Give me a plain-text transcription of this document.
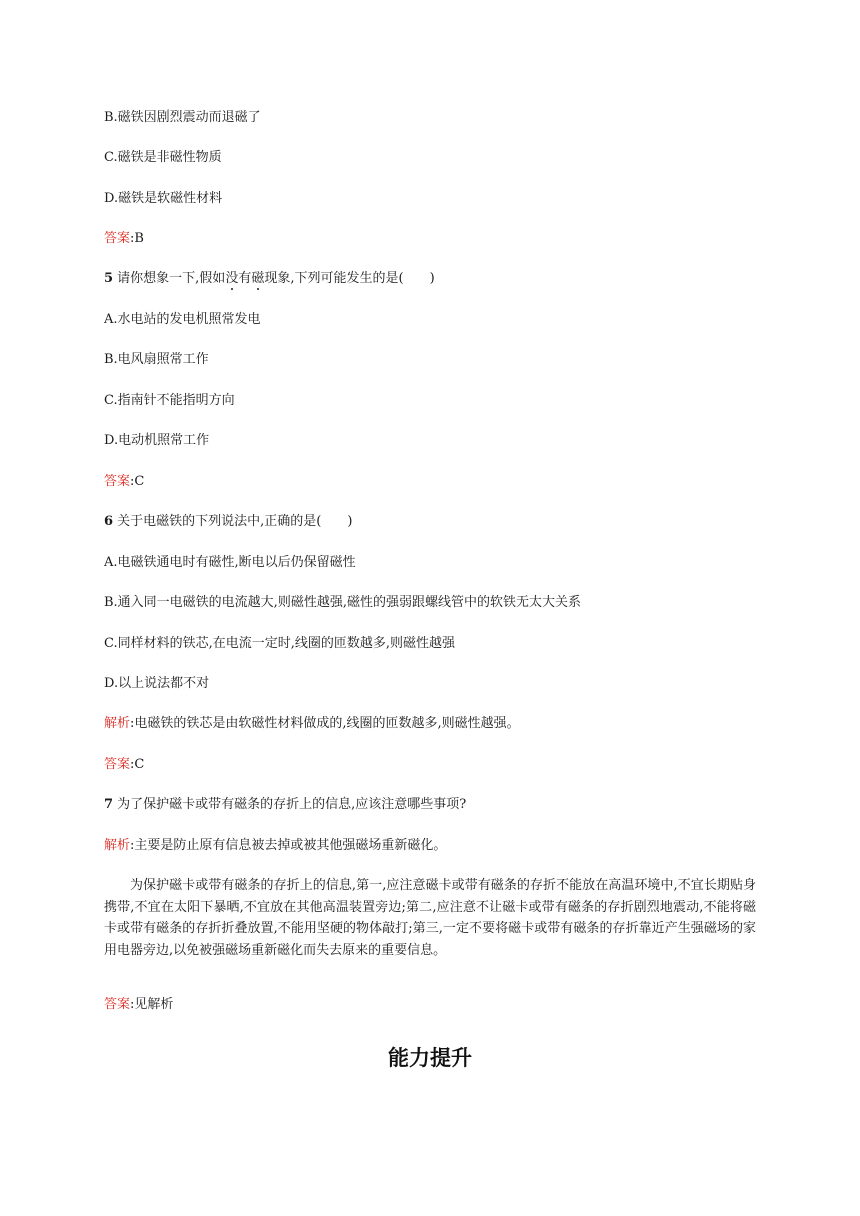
B.磁铁因剧烈震动而退磁了
C.磁铁是非磁性物质
D.磁铁是软磁性材料
答案:B
5 请你想象一下,假如没有磁现象,下列可能发生的是(　　)
A.水电站的发电机照常发电
B.电风扇照常工作
C.指南针不能指明方向
D.电动机照常工作
答案:C
6 关于电磁铁的下列说法中,正确的是(　　)
A.电磁铁通电时有磁性,断电以后仍保留磁性
B.通入同一电磁铁的电流越大,则磁性越强,磁性的强弱跟螺线管中的软铁无太大关系
C.同样材料的铁芯,在电流一定时,线圈的匝数越多,则磁性越强
D.以上说法都不对
解析:电磁铁的铁芯是由软磁性材料做成的,线圈的匝数越多,则磁性越强。
答案:C
7 为了保护磁卡或带有磁条的存折上的信息,应该注意哪些事项?
解析:主要是防止原有信息被去掉或被其他强磁场重新磁化。
为保护磁卡或带有磁条的存折上的信息,第一,应注意磁卡或带有磁条的存折不能放在高温环境中,不宜长期贴身携带,不宜在太阳下暴晒,不宜放在其他高温装置旁边;第二,应注意不让磁卡或带有磁条的存折剧烈地震动,不能将磁卡或带有磁条的存折折叠放置,不能用坚硬的物体敲打;第三,一定不要将磁卡或带有磁条的存折靠近产生强磁场的家用电器旁边,以免被强磁场重新磁化而失去原来的重要信息。
答案:见解析
能力提升
